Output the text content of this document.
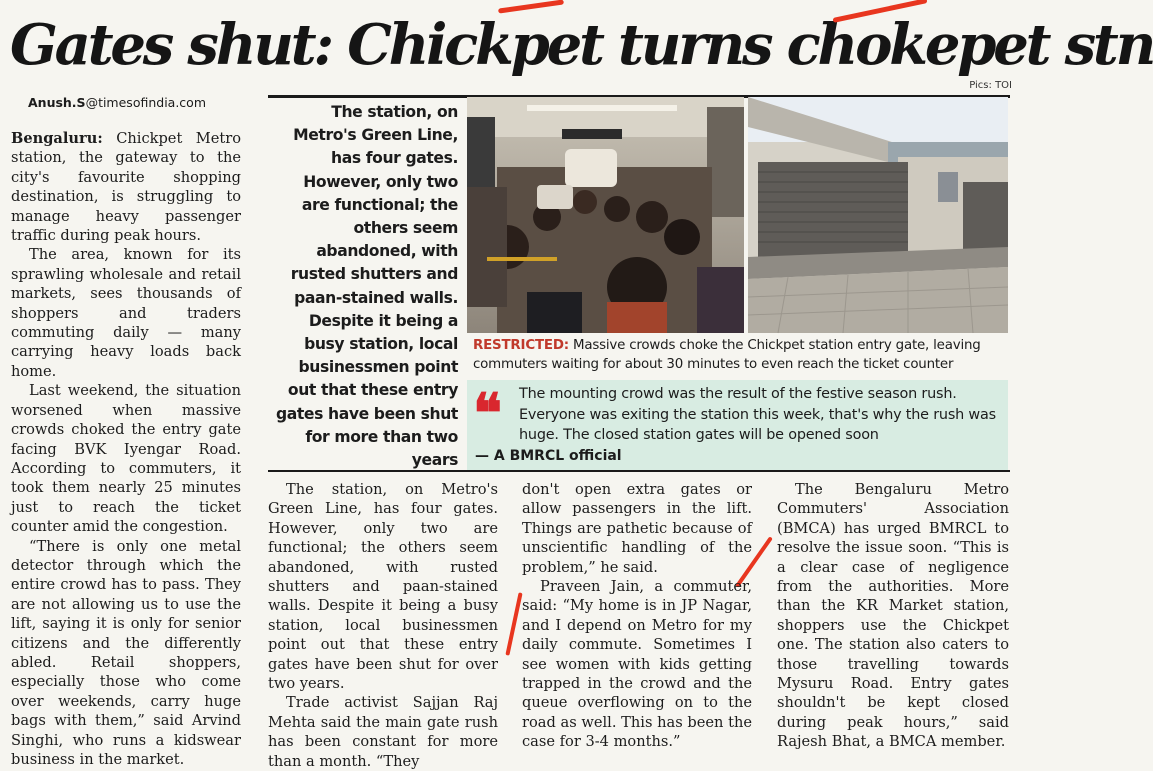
Gates shut: Chickpet turns chokepet stn
Pics: TOI
Anush.S@timesofindia.com

Bengaluru: Chickpet Metro station, the gateway to the city's favourite shopping destination, is struggling to manage heavy passenger traffic during peak hours.

The area, known for its sprawling wholesale and retail markets, sees thousands of shoppers and traders commuting daily — many carrying heavy loads back home.

Last weekend, the situation worsened when massive crowds choked the entry gate facing BVK Iyengar Road. According to commuters, it took them nearly 25 minutes just to reach the ticket counter amid the congestion.

“There is only one metal detector through which the entire crowd has to pass. They are not allowing us to use the lift, saying it is only for senior citizens and the differently abled. Retail shoppers, especially those who come over weekends, carry huge bags with them,” said Arvind Singhi, who runs a kidswear business in the market.

The station, on Metro's Green Line, has four gates. However, only two are functional; the others seem abandoned, with rusted shutters and paan-stained walls. Despite it being a busy station, local businessmen point out that these entry gates have been shut for more than two years
RESTRICTED: Massive crowds choke the Chickpet station entry gate, leaving commuters waiting for about 30 minutes to even reach the ticket counter
❝ The mounting crowd was the result of the festive season rush. Everyone was exiting the station this week, that's why the rush was huge. The closed station gates will be opened soon
— A BMRCL official

The station, on Metro's Green Line, has four gates. However, only two are functional; the others seem abandoned, with rusted shutters and paan-stained walls. Despite it being a busy station, local businessmen point out that these entry gates have been shut for over two years.

Trade activist Sajjan Raj Mehta said the main gate rush has been constant for more than a month. “They

don't open extra gates or allow passengers in the lift. Things are pathetic because of unscientific handling of the problem,” he said.

Praveen Jain, a commuter, said: “My home is in JP Nagar, and I depend on Metro for my daily commute. Sometimes I see women with kids getting trapped in the crowd and the queue overflowing on to the road as well. This has been the case for 3-4 months.”

The Bengaluru Metro Commuters' Association (BMCA) has urged BMRCL to resolve the issue soon. “This is a clear case of negligence from the authorities. More than the KR Market station, shoppers use the Chickpet one. The station also caters to those travelling towards Mysuru Road. Entry gates shouldn't be kept closed during peak hours,” said Rajesh Bhat, a BMCA member.
